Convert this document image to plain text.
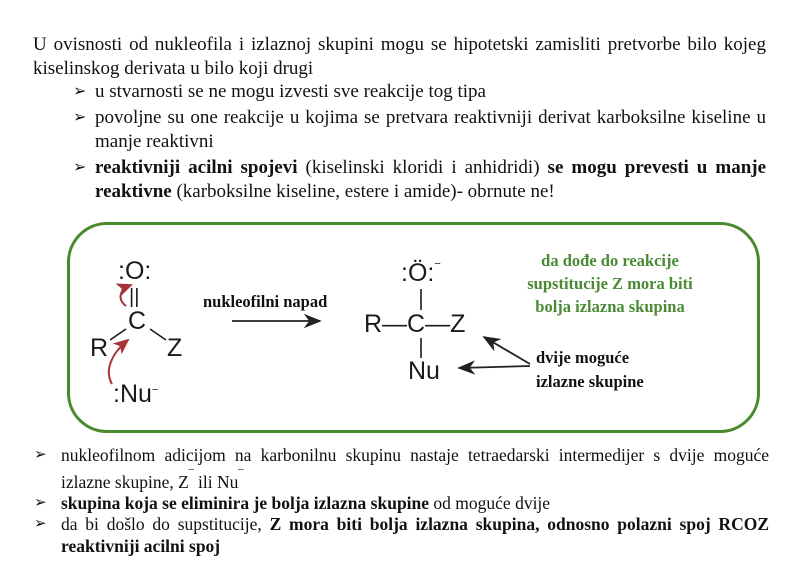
U ovisnosti od nukleofila i izlaznoj skupini mogu se hipotetski zamisliti pretvorbe bilo kojeg kiselinskog derivata u bilo koji drugi

➢ u stvarnosti se ne mogu izvesti sve reakcije tog tipa
➢ povoljne su one reakcije u kojima se pretvara reaktivniji derivat karboksilne kiseline u manje reaktivni
➢ reaktivniji acilni spojevi (kiselinski kloridi i anhidridi) se mogu prevesti u manje reaktivne (karboksilne kiseline, estere i amide)- obrnute ne!
:O:
||
C
R Z
:Nu−
nukleofilni napad
:Ö:−
R—C—Z
Nu
da dođe do reakcije
supstitucije Z mora biti
bolja izlazna skupina
dvije moguće
izlazne skupine
➢ nukleofilnom adicijom na karbonilnu skupinu nastaje tetraedarski intermedijer s dvije moguće izlazne skupine, Z‾ ili Nu‾
➢ skupina koja se eliminira je bolja izlazna skupine od moguće dvije
➢ da bi došlo do supstitucije, Z mora biti bolja izlazna skupina, odnosno polazni spoj RCOZ reaktivniji acilni spoj
